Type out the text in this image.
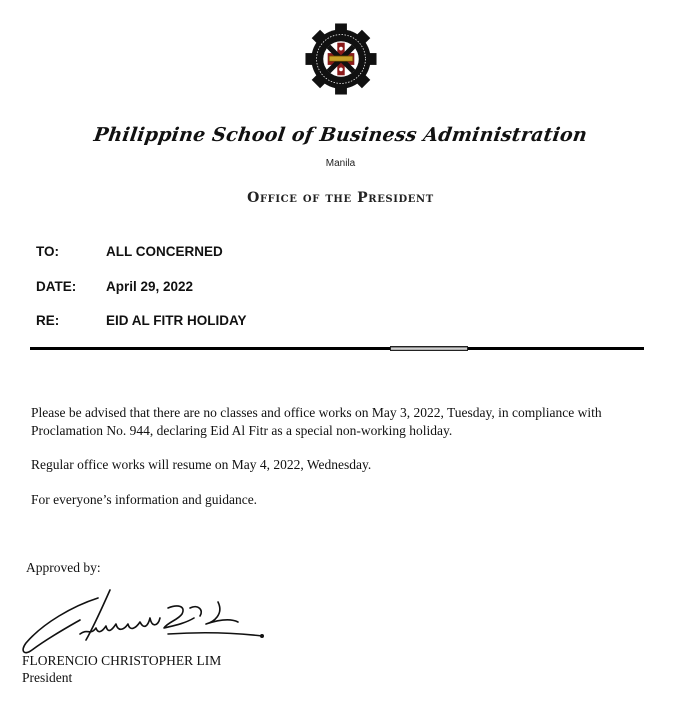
Philippine School of Business Administration
Manila
Office of the President
TO:	ALL CONCERNED
DATE: April 29, 2022
RE:	EID AL FITR HOLIDAY
Please be advised that there are no classes and office works on May 3, 2022, Tuesday, in compliance with Proclamation No. 944, declaring Eid Al Fitr as a special non-working holiday.
Regular office works will resume on May 4, 2022, Wednesday.
For everyone’s information and guidance.
Approved by:
FLORENCIO CHRISTOPHER LIM
President
